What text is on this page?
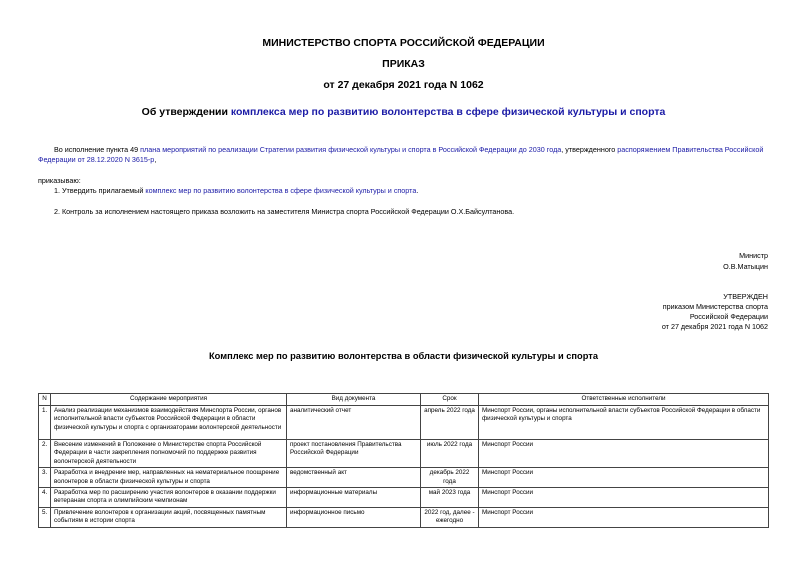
МИНИСТЕРСТВО СПОРТА РОССИЙСКОЙ ФЕДЕРАЦИИ
ПРИКАЗ
от 27 декабря 2021 года N 1062
Об утверждении комплекса мер по развитию волонтерства в сфере физической культуры и спорта
Во исполнение пункта 49 плана мероприятий по реализации Стратегии развития физической культуры и спорта в Российской Федерации до 2030 года, утвержденного распоряжением Правительства Российской
Федерации от 28.12.2020 N 3615-р,
приказываю:
1. Утвердить прилагаемый комплекс мер по развитию волонтерства в сфере физической культуры и спорта.
2. Контроль за исполнением настоящего приказа возложить на заместителя Министра спорта Российской Федерации О.Х.Байсултанова.
Министр
О.В.Матыцин
УТВЕРЖДЕН
приказом Министерства спорта
Российской Федерации
от 27 декабря 2021 года N 1062
Комплекс мер по развитию волонтерства в области физической культуры и спорта
N	Содержание мероприятия	Вид документа	Срок	Ответственные исполнители
1.	Анализ реализации механизмов взаимодействия Минспорта России, органов исполнительной власти субъектов Российской Федерации в области физической культуры и спорта с организаторами волонтерской деятельности	аналитический отчет	апрель 2022 года	Минспорт России, органы исполнительной власти субъектов Российской Федерации в области физической культуры и спорта
2.	Внесение изменений в Положение о Министерстве спорта Российской Федерации в части закрепления полномочий по поддержке развития волонтерской деятельности	проект постановления Правительства Российской Федерации	июль 2022 года	Минспорт России
3.	Разработка и внедрение мер, направленных на нематериальное поощрение волонтеров в области физической культуры и спорта	ведомственный акт	декабрь 2022 года	Минспорт России
4.	Разработка мер по расширению участия волонтеров в оказании поддержки ветеранам спорта и олимпийским чемпионам	информационные материалы	май 2023 года	Минспорт России
5.	Привлечение волонтеров к организации акций, посвященных памятным событиям в истории спорта	информационное письмо	2022 год, далее - ежегодно	Минспорт России
